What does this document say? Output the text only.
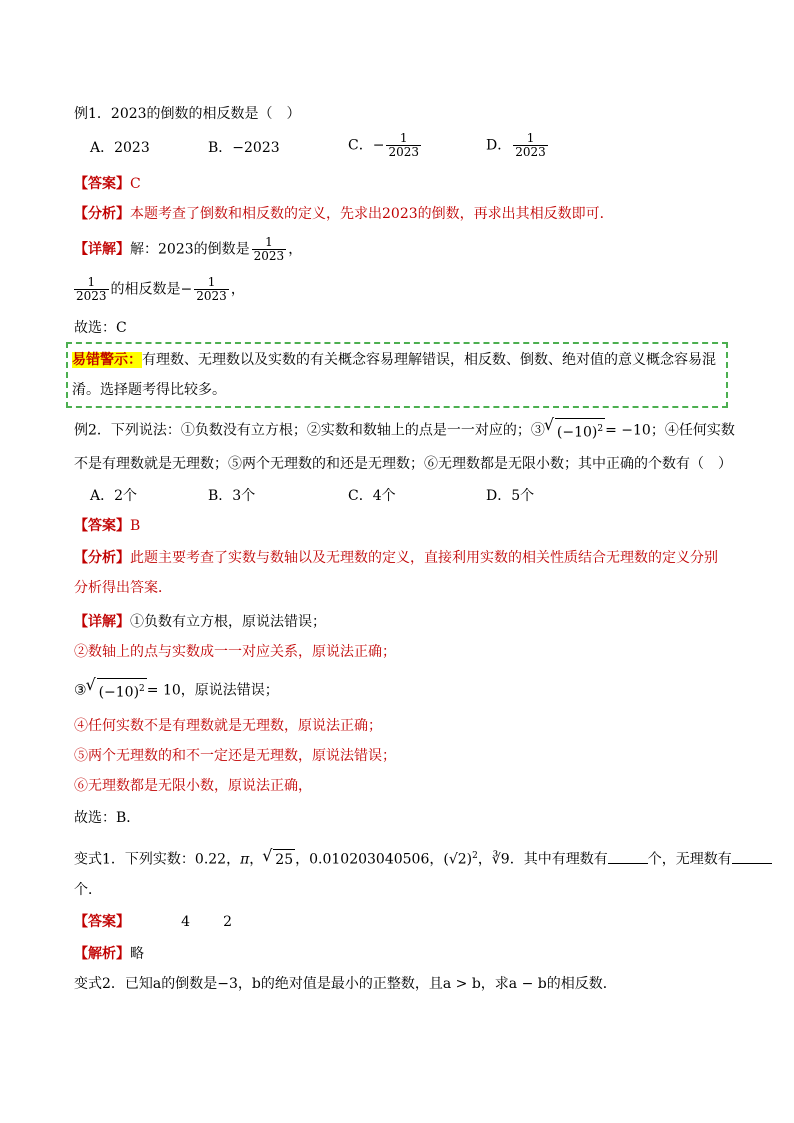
例1．2023的倒数的相反数是（　）
A．2023	B．−2023	C．− $\frac{1}{2023}$	D． $\frac{1}{2023}$
【答案】C
【分析】本题考查了倒数和相反数的定义，先求出2023的倒数，再求出其相反数即可．
【详解】解：2023的倒数是 $\frac{1}{2023}$ ，
$\frac{1}{2023}$ 的相反数是− $\frac{1}{2023}$ ，
故选：C
易错警示：有理数、无理数以及实数的有关概念容易理解错误，相反数、倒数、绝对值的意义概念容易混
淆。选择题考得比较多。
例2．下列说法：①负数没有立方根；②实数和数轴上的点是一一对应的；③ √ $(-10)^2 = -10$；④任何实数
不是有理数就是无理数；⑤两个无理数的和还是无理数；⑥无理数都是无限小数；其中正确的个数有（　）
A．2个	B．3个	C．4个	D．5个
【答案】B
【分析】此题主要考查了实数与数轴以及无理数的定义，直接利用实数的相关性质结合无理数的定义分别
分析得出答案．
【详解】①负数有立方根，原说法错误；
②数轴上的点与实数成一一对应关系，原说法正确；
③ √ $(-10)^2 = 10$，原说法错误；
④任何实数不是有理数就是无理数，原说法正确；
⑤两个无理数的和不一定还是无理数，原说法错误；
⑥无理数都是无限小数，原说法正确，
故选：B．
变式1．下列实数：0.22，π， √ 25 ，0.010203040506，$(√2)^2$，∛9．其中有理数有	个，无理数有
个．
【答案】	4 2
【解析】略
变式2．已知a的倒数是−3，b的绝对值是最小的正整数，且a > b，求a − b的相反数．
